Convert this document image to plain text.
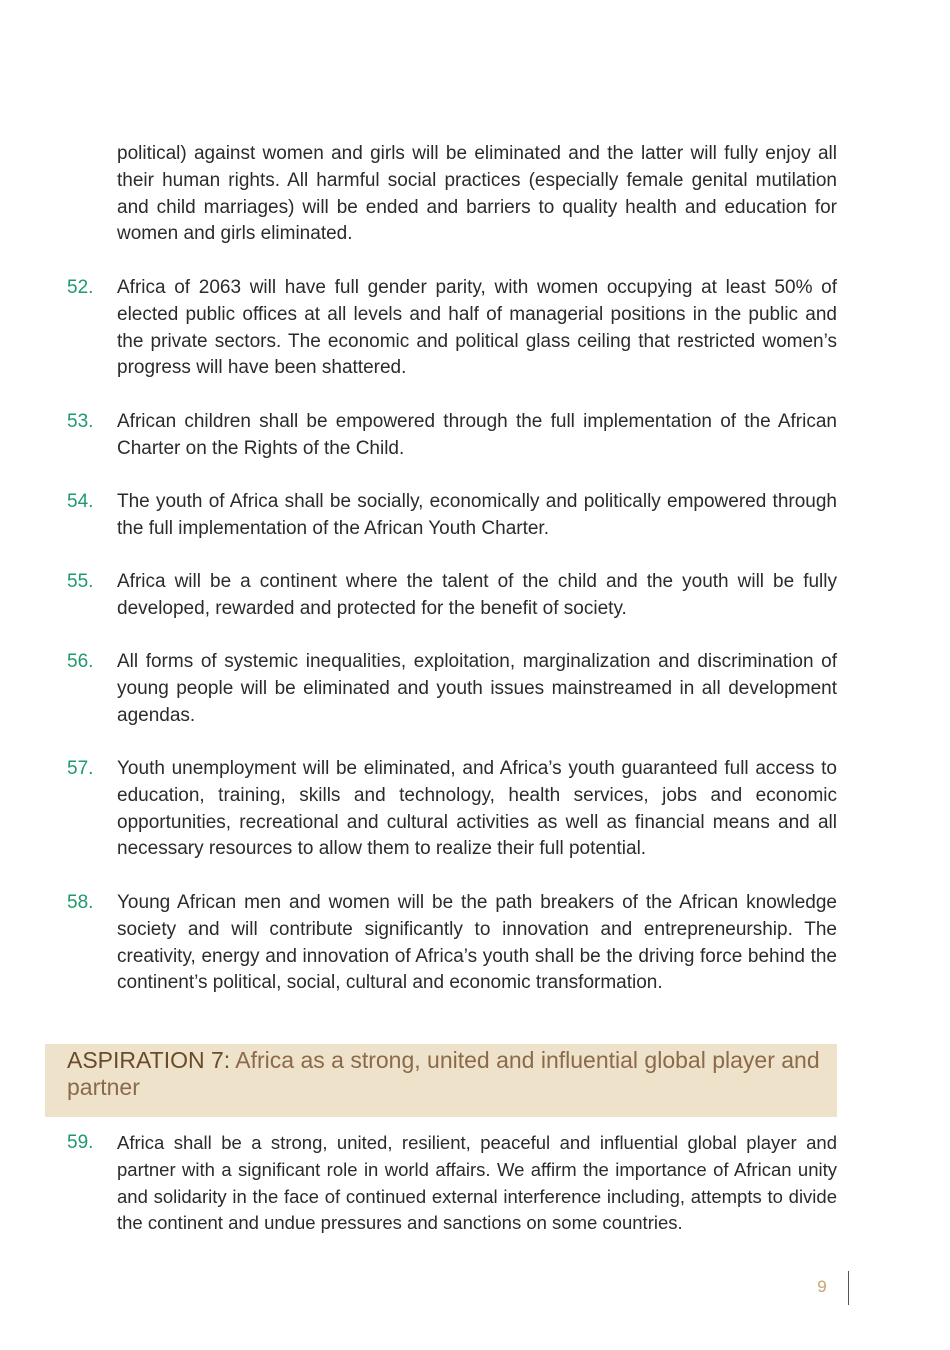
political) against women and girls will be eliminated and the latter will fully enjoy all their human rights. All harmful social practices (especially female genital mutilation and child marriages) will be ended and barriers to quality health and education for women and girls eliminated.

52. Africa of 2063 will have full gender parity, with women occupying at least 50% of elected public offices at all levels and half of managerial positions in the public and the private sectors. The economic and political glass ceiling that restricted women’s progress will have been shattered.

53. African children shall be empowered through the full implementation of the African Charter on the Rights of the Child.

54. The youth of Africa shall be socially, economically and politically empowered through the full implementation of the African Youth Charter.

55. Africa will be a continent where the talent of the child and the youth will be fully developed, rewarded and protected for the benefit of society.

56. All forms of systemic inequalities, exploitation, marginalization and discrimination of young people will be eliminated and youth issues mainstreamed in all development agendas.

57. Youth unemployment will be eliminated, and Africa’s youth guaranteed full access to education, training, skills and technology, health services, jobs and economic opportunities, recreational and cultural activities as well as financial means and all necessary resources to allow them to realize their full potential.

58. Young African men and women will be the path breakers of the African knowledge society and will contribute significantly to innovation and entrepreneurship. The creativity, energy and innovation of Africa’s youth shall be the driving force behind the continent’s political, social, cultural and economic transformation.

ASPIRATION 7: Africa as a strong, united and influential global player and partner

59. Africa shall be a strong, united, resilient, peaceful and influential global player and partner with a significant role in world affairs. We affirm the importance of African unity and solidarity in the face of continued external interference including, attempts to divide the continent and undue pressures and sanctions on some countries.

9
